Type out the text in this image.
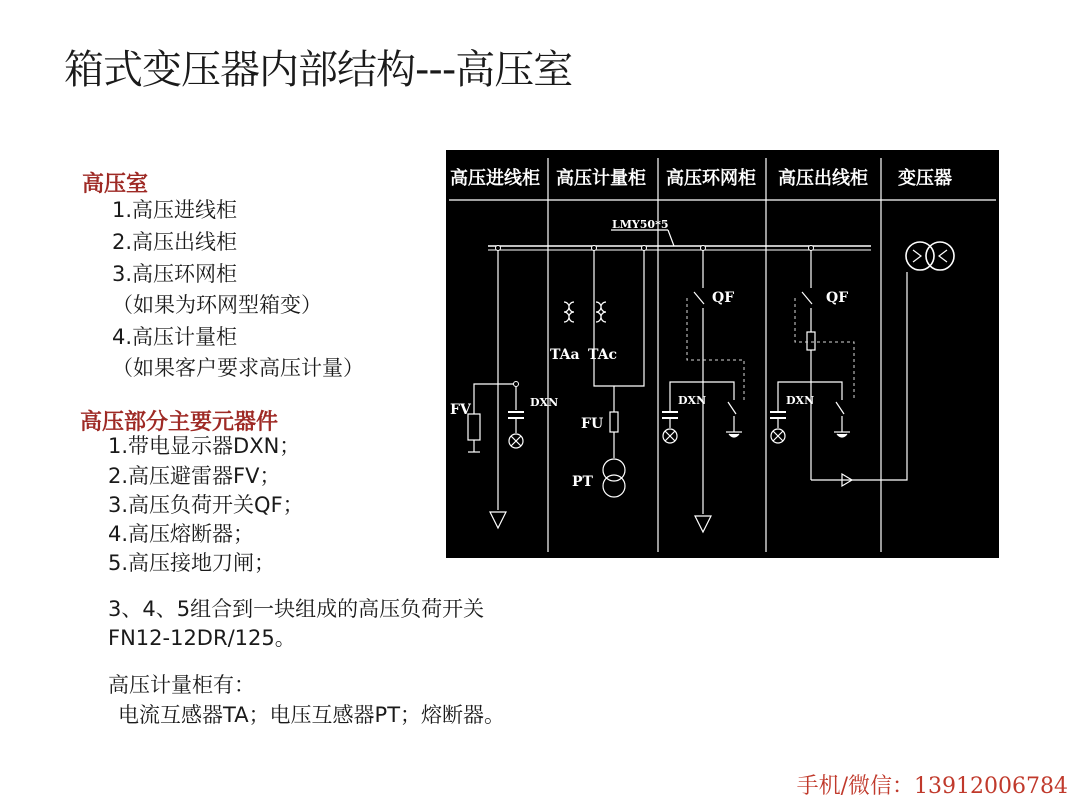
箱式变压器内部结构---高压室
高压室
1.高压进线柜
2.高压出线柜
3.高压环网柜
（如果为环网型箱变）
4.高压计量柜
（如果客户要求高压计量）
高压部分主要元器件
1.带电显示器DXN；
2.高压避雷器FV；
3.高压负荷开关QF；
4.高压熔断器；
5.高压接地刀闸；
3、4、5组合到一块组成的高压负荷开关
FN12-12DR/125。
高压计量柜有：
电流互感器TA；电压互感器PT；熔断器。
手机/微信：13912006784
高压进线柜 高压计量柜 高压环网柜 高压出线柜 变压器
LMY50*5
FV	DXN
TAa TAc
FU
PT
QF
DXN
QF
DXN
